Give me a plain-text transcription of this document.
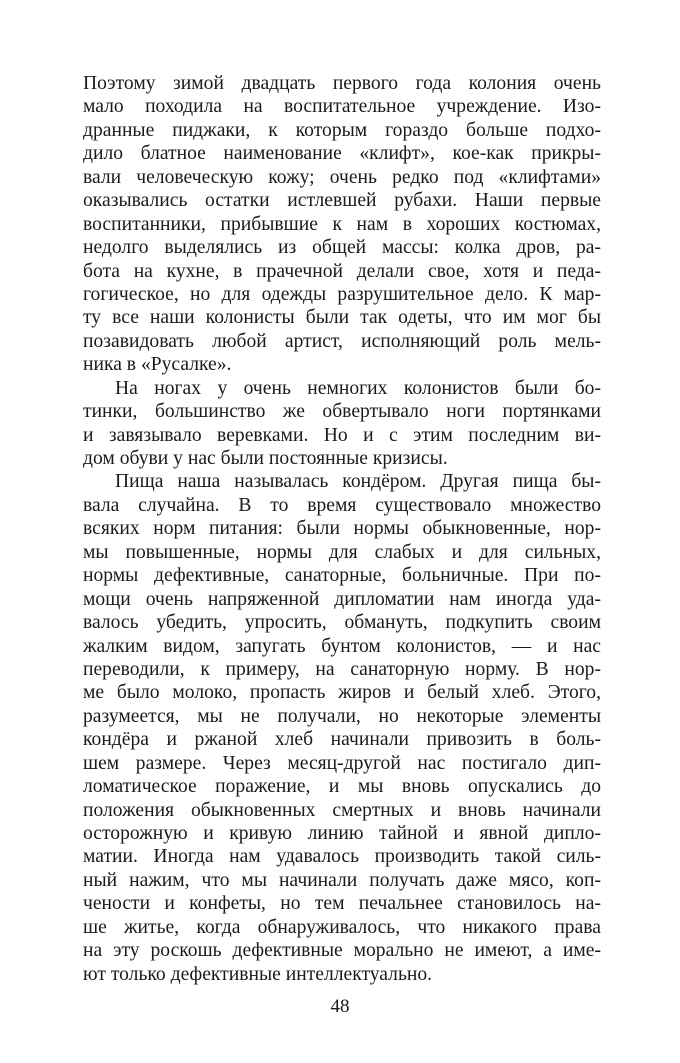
Поэтому зимой двадцать первого года колония очень
мало походила на воспитательное учреждение. Изо-
дранные пиджаки, к которым гораздо больше подхо-
дило блатное наименование «клифт», кое-как прикры-
вали человеческую кожу; очень редко под «клифтами»
оказывались остатки истлевшей рубахи. Наши первые
воспитанники, прибывшие к нам в хороших костюмах,
недолго выделялись из общей массы: колка дров, ра-
бота на кухне, в прачечной делали свое, хотя и педа-
гогическое, но для одежды разрушительное дело. К мар-
ту все наши колонисты были так одеты, что им мог бы
позавидовать любой артист, исполняющий роль мель-
ника в «Русалке».
На ногах у очень немногих колонистов были бо-
тинки, большинство же обвертывало ноги портянками
и завязывало веревками. Но и с этим последним ви-
дом обуви у нас были постоянные кризисы.
Пища наша называлась кондёром. Другая пища бы-
вала случайна. В то время существовало множество
всяких норм питания: были нормы обыкновенные, нор-
мы повышенные, нормы для слабых и для сильных,
нормы дефективные, санаторные, больничные. При по-
мощи очень напряженной дипломатии нам иногда уда-
валось убедить, упросить, обмануть, подкупить своим
жалким видом, запугать бунтом колонистов, — и нас
переводили, к примеру, на санаторную норму. В нор-
ме было молоко, пропасть жиров и белый хлеб. Этого,
разумеется, мы не получали, но некоторые элементы
кондёра и ржаной хлеб начинали привозить в боль-
шем размере. Через месяц-другой нас постигало дип-
ломатическое поражение, и мы вновь опускались до
положения обыкновенных смертных и вновь начинали
осторожную и кривую линию тайной и явной дипло-
матии. Иногда нам удавалось производить такой силь-
ный нажим, что мы начинали получать даже мясо, коп-
чености и конфеты, но тем печальнее становилось на-
ше житье, когда обнаруживалось, что никакого права
на эту роскошь дефективные морально не имеют, а име-
ют только дефективные интеллектуально.
48
